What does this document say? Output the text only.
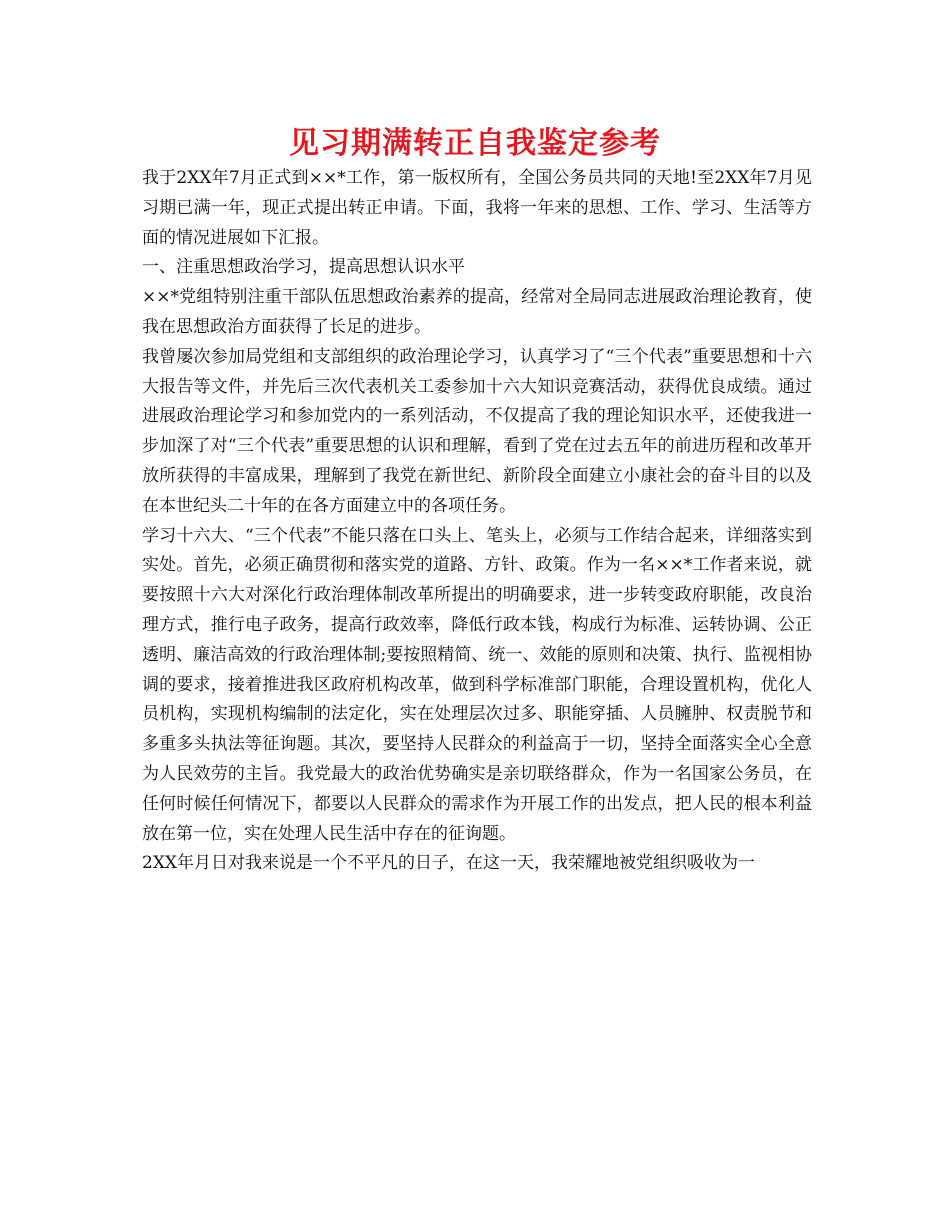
见习期满转正自我鉴定参考

我于2XX年7月正式到××*工作，第一版权所有，全国公务员共同的天地!至2XX年7月见习期已满一年，现正式提出转正申请。下面，我将一年来的思想、工作、学习、生活等方面的情况进展如下汇报。

一、注重思想政治学习，提高思想认识水平

××*党组特别注重干部队伍思想政治素养的提高，经常对全局同志进展政治理论教育，使我在思想政治方面获得了长足的进步。

我曾屡次参加局党组和支部组织的政治理论学习，认真学习了“三个代表”重要思想和十六大报告等文件，并先后三次代表机关工委参加十六大知识竞赛活动，获得优良成绩。通过进展政治理论学习和参加党内的一系列活动，不仅提高了我的理论知识水平，还使我进一步加深了对“三个代表”重要思想的认识和理解，看到了党在过去五年的前进历程和改革开放所获得的丰富成果，理解到了我党在新世纪、新阶段全面建立小康社会的奋斗目的以及在本世纪头二十年的在各方面建立中的各项任务。

学习十六大、“三个代表”不能只落在口头上、笔头上，必须与工作结合起来，详细落实到实处。首先，必须正确贯彻和落实党的道路、方针、政策。作为一名××*工作者来说，就要按照十六大对深化行政治理体制改革所提出的明确要求，进一步转变政府职能，改良治理方式，推行电子政务，提高行政效率，降低行政本钱，构成行为标准、运转协调、公正透明、廉洁高效的行政治理体制;要按照精简、统一、效能的原则和决策、执行、监视相协调的要求，接着推进我区政府机构改革，做到科学标准部门职能，合理设置机构，优化人员机构，实现机构编制的法定化，实在处理层次过多、职能穿插、人员臃肿、权责脱节和多重多头执法等征询题。其次，要坚持人民群众的利益高于一切，坚持全面落实全心全意为人民效劳的主旨。我党最大的政治优势确实是亲切联络群众，作为一名国家公务员，在任何时候任何情况下，都要以人民群众的需求作为开展工作的出发点，把人民的根本利益放在第一位，实在处理人民生活中存在的征询题。

2XX年月日对我来说是一个不平凡的日子，在这一天，我荣耀地被党组织吸收为一
